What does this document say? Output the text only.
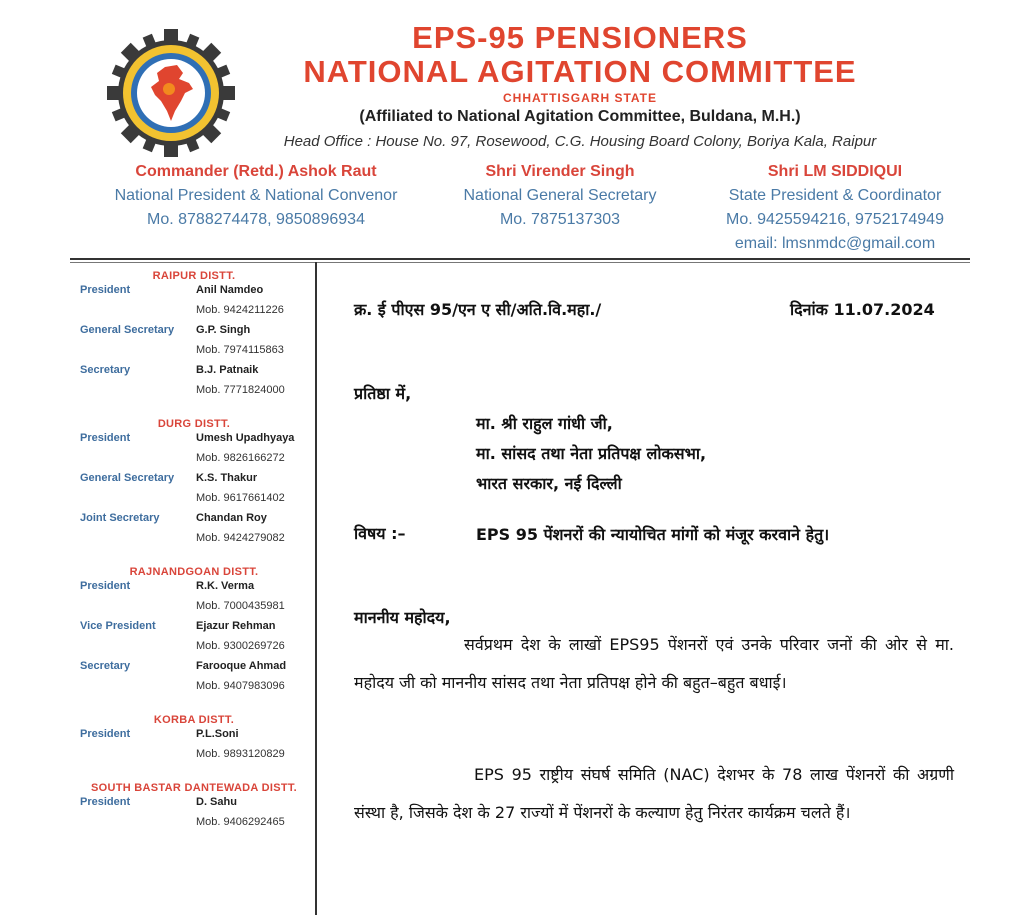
EPS-95 PENSIONERS
NATIONAL AGITATION COMMITTEE
CHHATTISGARH STATE
(Affiliated to National Agitation Committee, Buldana, M.H.)
Head Office : House No. 97, Rosewood, C.G. Housing Board Colony, Boriya Kala, Raipur
Commander (Retd.) Ashok Raut
National President & National Convenor
Mo. 8788274478, 9850896934
Shri Virender Singh
National General Secretary
Mo. 7875137303
Shri LM SIDDIQUI
State President & Coordinator
Mo. 9425594216, 9752174949
email: lmsnmdc@gmail.com
RAIPUR DISTT.
President	Anil Namdeo
Mob. 9424211226
General Secretary G.P. Singh
Mob. 7974115863
Secretary	B.J. Patnaik
Mob. 7771824000
DURG DISTT.
President	Umesh Upadhyaya
Mob. 9826166272
General Secretary K.S. Thakur
Mob. 9617661402
Joint Secretary	Chandan Roy
Mob. 9424279082
RAJNANDGOAN DISTT.
President	R.K. Verma
Mob. 7000435981
Vice President	Ejazur Rehman
Mob. 9300269726
Secretary	Farooque Ahmad
Mob. 9407983096
KORBA DISTT.
President	P.L.Soni
Mob. 9893120829
SOUTH BASTAR DANTEWADA DISTT.
President	D. Sahu
Mob. 9406292465
क्र. ई पीएस 95/एन ए सी/अति.वि.महा./	दिनांक 11.07.2024
प्रतिष्ठा में,
मा. श्री राहुल गांधी जी,
मा. सांसद तथा नेता प्रतिपक्ष लोकसभा,
भारत सरकार, नई दिल्ली
विषय :–	EPS 95 पेंशनरों की न्यायोचित मांगों को मंजूर करवाने हेतु।
माननीय महोदय,
सर्वप्रथम देश के लाखों EPS95 पेंशनरों एवं उनके परिवार जनों की ओर से मा. महोदय जी को माननीय सांसद तथा नेता प्रतिपक्ष होने की बहुत–बहुत बधाई।
EPS 95 राष्ट्रीय संघर्ष समिति (NAC) देशभर के 78 लाख पेंशनरों की अग्रणी संस्था है, जिसके देश के 27 राज्यों में पेंशनरों के कल्याण हेतु निरंतर कार्यक्रम चलते हैं।
